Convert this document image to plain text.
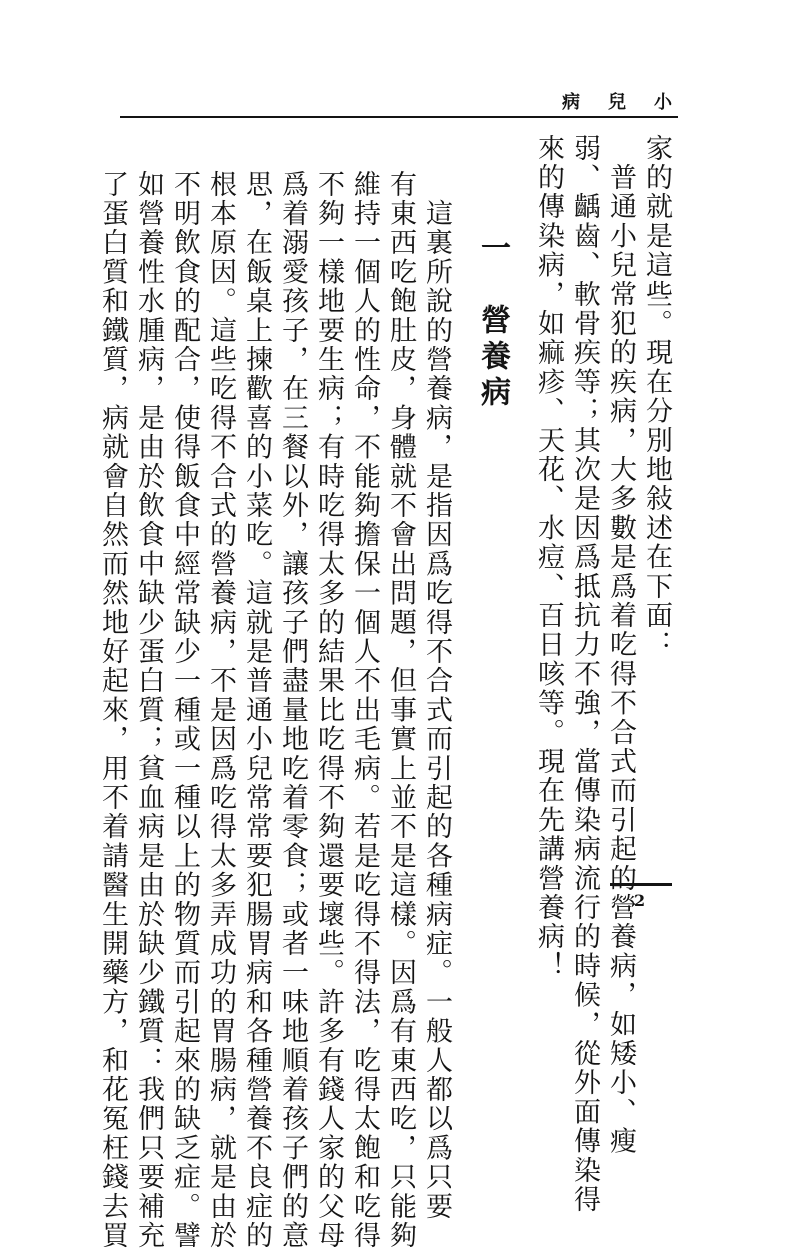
病 兒 小
家的就是這些。現在分別地敍述在下面：
　普通小兒常犯的疾病，大多數是爲着吃得不合式而引起的營養病，如矮小、瘦
弱、齲齒、軟骨疾等；其次是因爲抵抗力不強，當傳染病流行的時候，從外面傳染得
來的傳染病，如痲疹、天花、水痘、百日咳等。現在先講營養病！
一　營養病
　這裏所說的營養病，是指因爲吃得不合式而引起的各種病症。一般人都以爲只要
有東西吃飽肚皮，身體就不會出問題，但事實上並不是這樣。因爲有東西吃，只能夠
維持一個人的性命，不能夠擔保一個人不出毛病。若是吃得不得法，吃得太飽和吃得
不夠一樣地要生病；有時吃得太多的結果比吃得不夠還要壞些。許多有錢人家的父母
爲着溺愛孩子，在三餐以外，讓孩子們盡量地吃着零食；或者一味地順着孩子們的意
思，在飯桌上揀歡喜的小菜吃。這就是普通小兒常常要犯腸胃病和各種營養不良症的
根本原因。這些吃得不合式的營養病，不是因爲吃得太多弄成功的胃腸病，就是由於
不明飲食的配合，使得飯食中經常缺少一種或一種以上的物質而引起來的缺乏症。譬
如營養性水腫病，是由於飲食中缺少蛋白質；貧血病是由於缺少鐵質：我們只要補充
了蛋白質和鐵質，病就會自然而然地好起來，用不着請醫生開藥方，和花冤枉錢去買	2
